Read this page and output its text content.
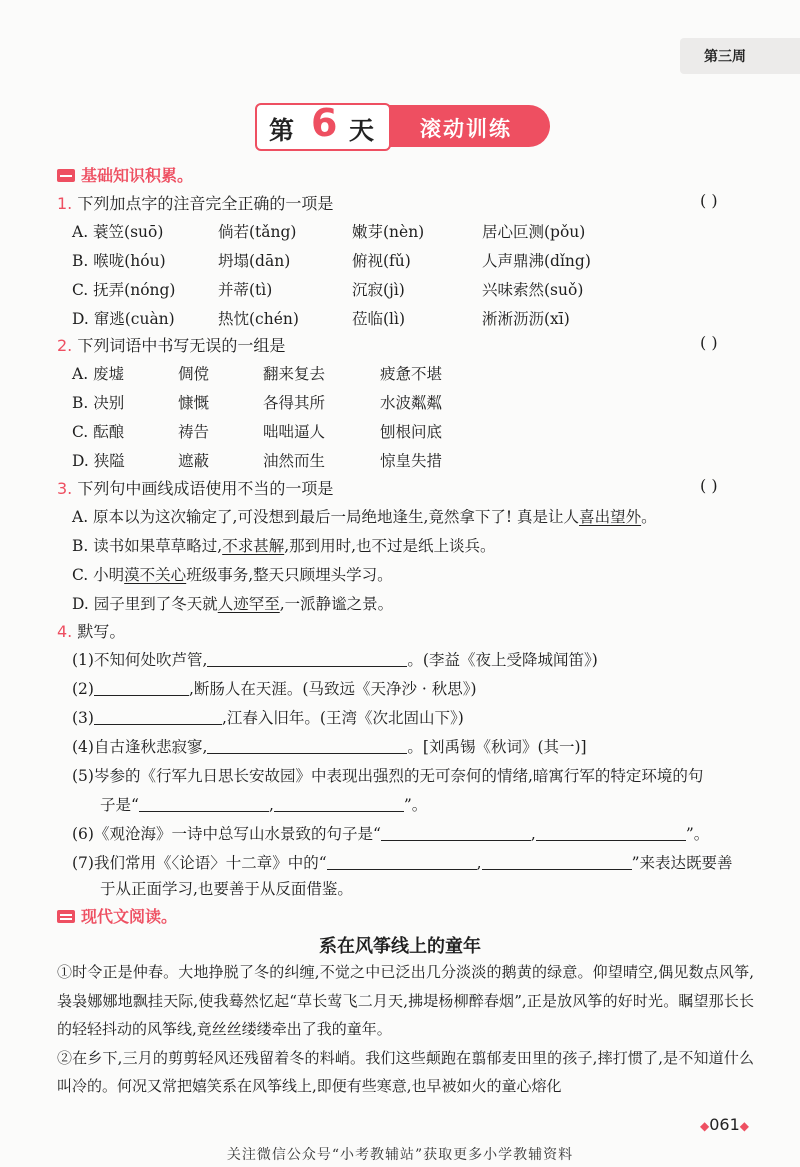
第三周
滚动训练
第 6 天
基础知识积累。
1. 下列加点字的注音完全正确的一项是	( )
A. 蓑笠(suō)	倘若(tǎng)	嫩芽(nèn)	居心叵测(pǒu)
B. 喉咙(hóu)	坍塌(dān)	俯视(fǔ)	人声鼎沸(dǐng)
C. 抚弄(nóng)	并蒂(tì)	沉寂(jì)	兴味索然(suǒ)
D. 窜逃(cuàn)	热忱(chén)	莅临(lì)	淅淅沥沥(xī)
2. 下列词语中书写无误的一组是	( )
A. 废墟	倜傥	翻来复去	疲惫不堪
B. 决别	慷慨	各得其所	水波粼粼
C. 酝酿	祷告	咄咄逼人	刨根问底
D. 狭隘	遮蔽	油然而生	惊皇失措
3. 下列句中画线成语使用不当的一项是	( )
A. 原本以为这次输定了,可没想到最后一局绝地逢生,竟然拿下了! 真是让人喜出望外。
B. 读书如果草草略过,不求甚解,那到用时,也不过是纸上谈兵。
C. 小明漠不关心班级事务,整天只顾埋头学习。
D. 园子里到了冬天就人迹罕至,一派静谧之景。
4. 默写。
(1)不知何处吹芦管,	。(李益《夜上受降城闻笛》)
(2)	,断肠人在天涯。(马致远《天净沙 · 秋思》)
(3)	,江春入旧年。(王湾《次北固山下》)
(4)自古逢秋悲寂寥,	。[刘禹锡《秋词》(其一)]
(5)岑参的《行军九日思长安故园》中表现出强烈的无可奈何的情绪,暗寓行军的特定环境的句
子是“	,	”。
(6)《观沧海》一诗中总写山水景致的句子是“	,	”。
(7)我们常用《〈论语〉十二章》中的“	,	”来表达既要善
于从正面学习,也要善于从反面借鉴。
现代文阅读。
系在风筝线上的童年

①时令正是仲春。大地挣脱了冬的纠缠,不觉之中已泛出几分淡淡的鹅黄的绿意。仰望晴空,偶见数点风筝,袅袅娜娜地飘挂天际,使我蓦然忆起“草长莺飞二月天,拂堤杨柳醉春烟”,正是放风筝的好时光。瞩望那长长的轻轻抖动的风筝线,竟丝丝缕缕牵出了我的童年。

②在乡下,三月的剪剪轻风还残留着冬的料峭。我们这些颠跑在翦郁麦田里的孩子,摔打惯了,是不知道什么叫冷的。何况又常把嬉笑系在风筝线上,即便有些寒意,也早被如火的童心熔化

◆061◆
关注微信公众号“小考教辅站”获取更多小学教辅资料
